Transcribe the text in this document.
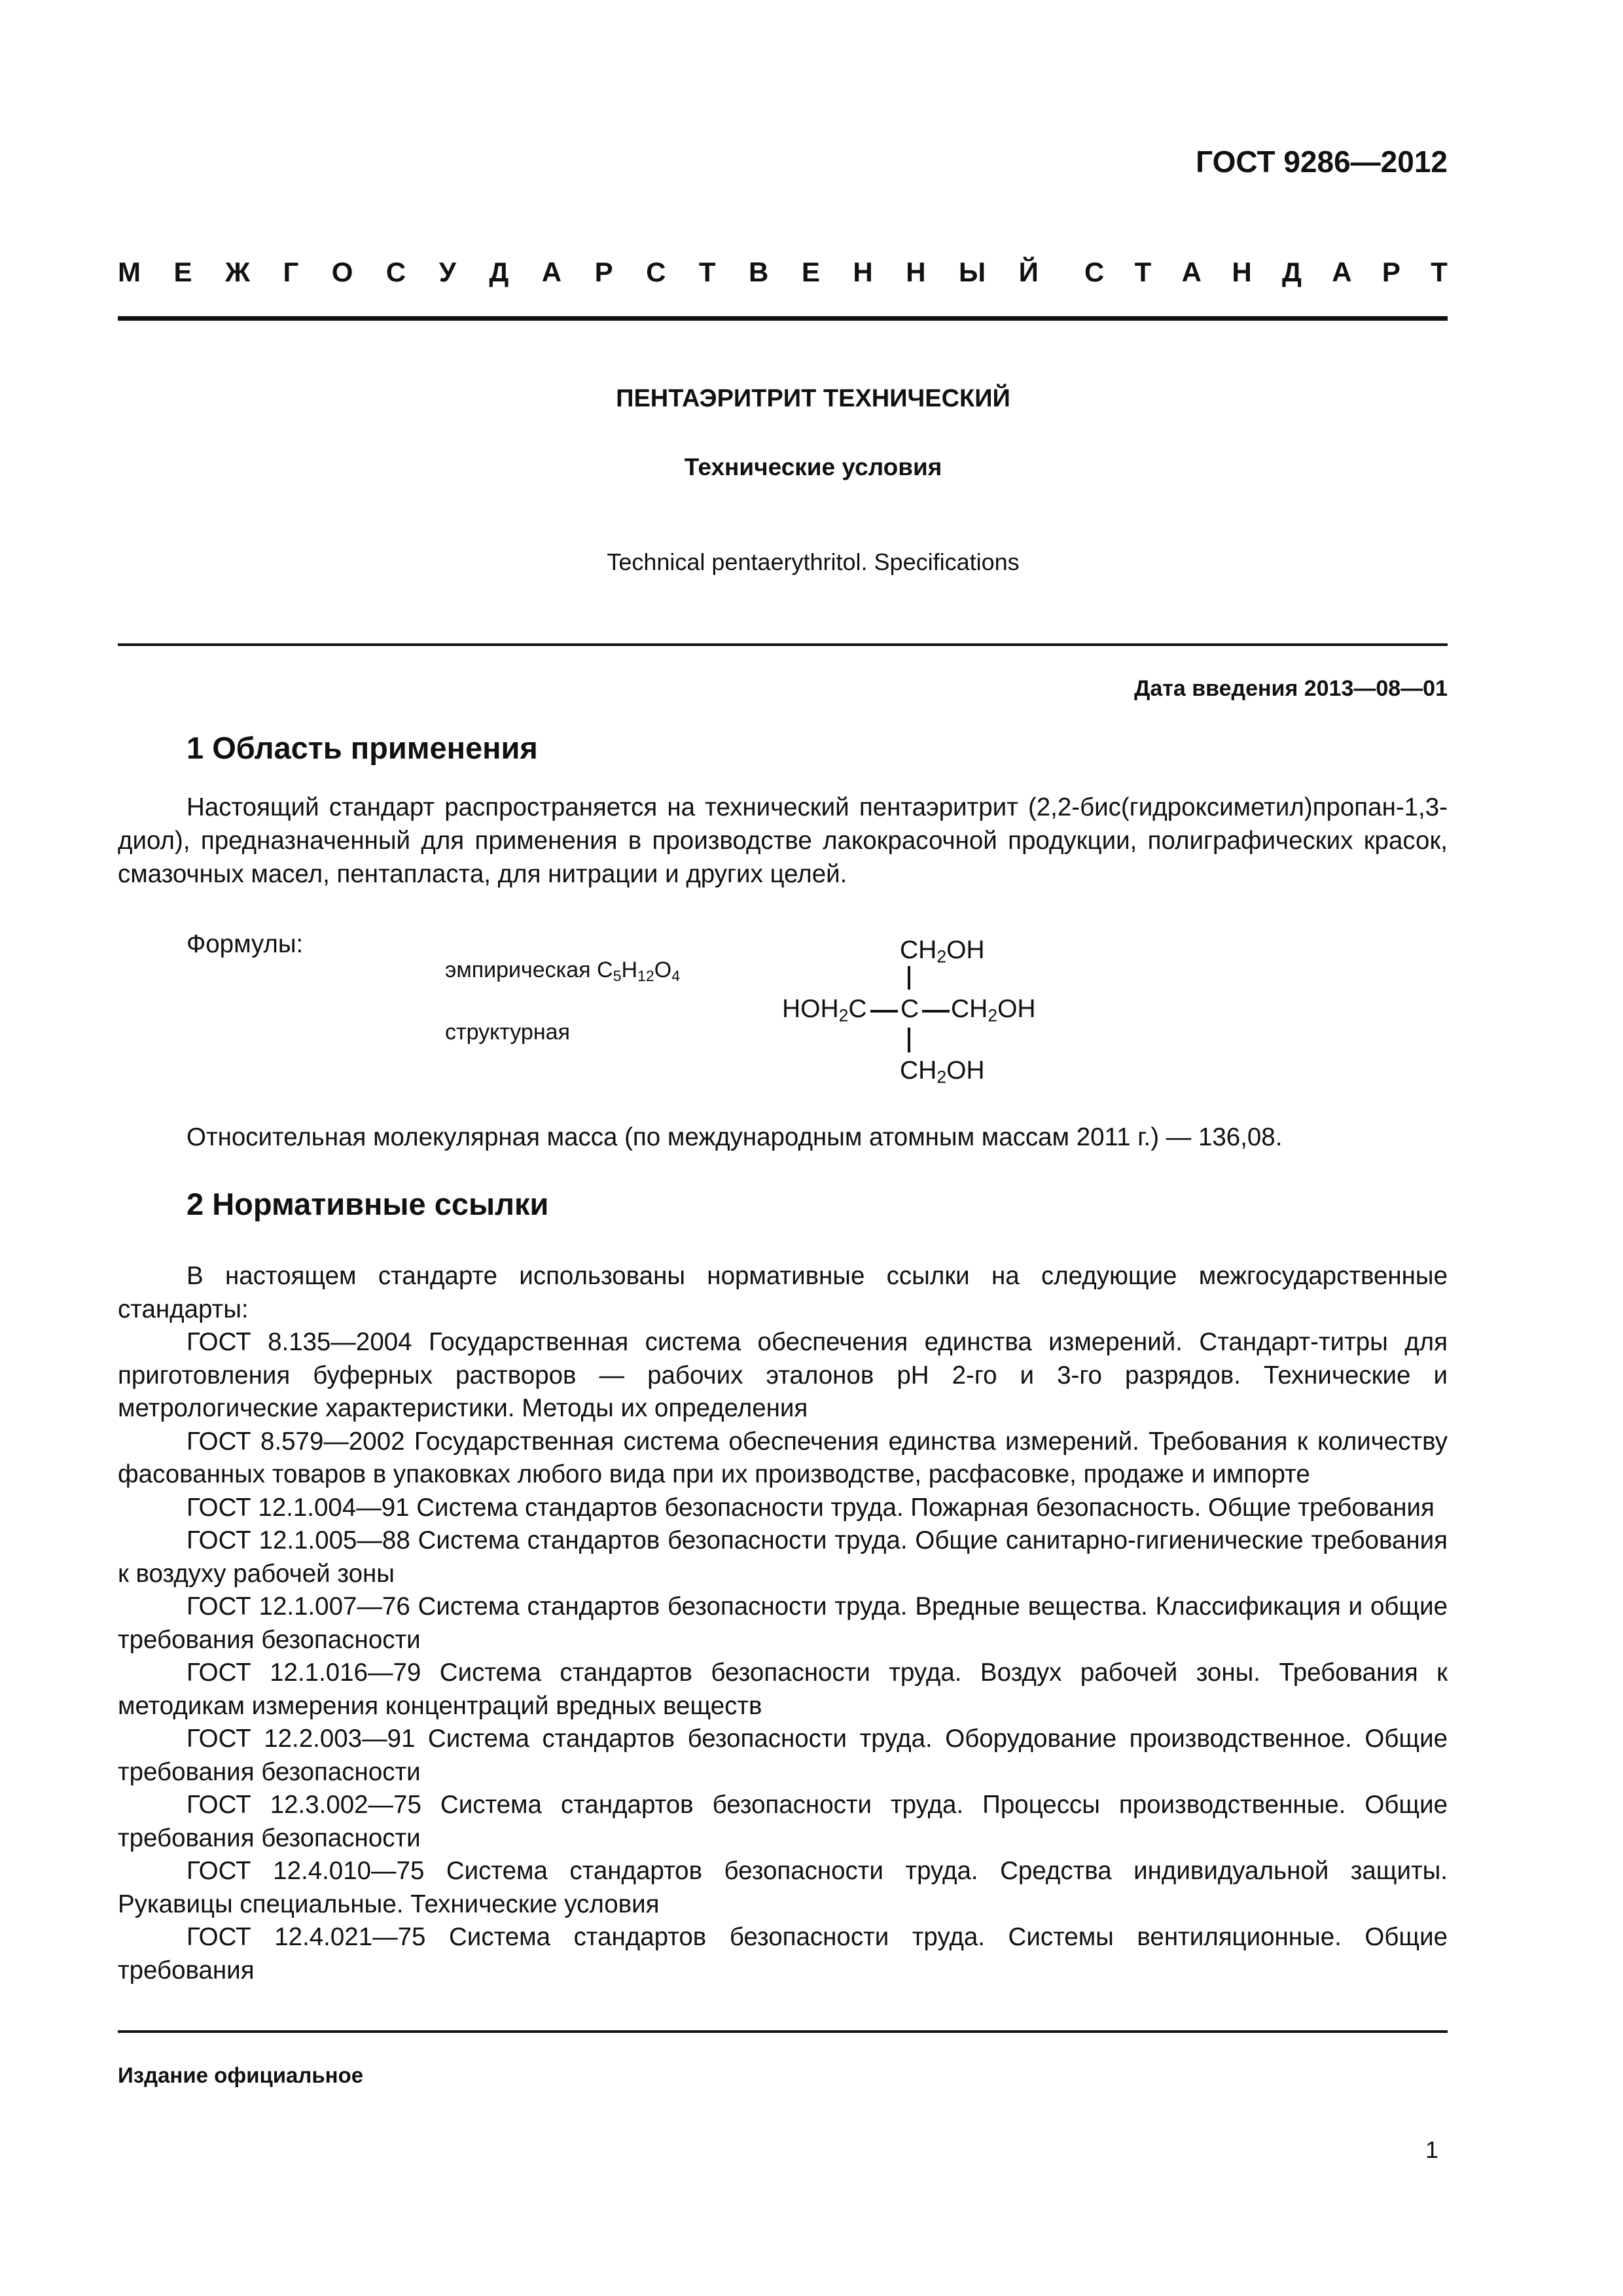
ГОСТ 9286—2012
М Е Ж Г О С У Д А Р С Т В Е Н Н Ы Й С Т А Н Д А Р Т
ПЕНТАЭРИТРИТ ТЕХНИЧЕСКИЙ
Технические условия
Technical pentaerythritol. Specifications
Дата введения 2013—08—01
1 Область применения
Настоящий стандарт распространяется на технический пентаэритрит (2,2-бис(гидроксиметил)пропан-1,3-диол), предназначенный для применения в производстве лакокрасочной продукции, полиграфических красок, смазочных масел, пентапласта, для нитрации и других целей.
Формулы:
эмпирическая $C_5H_{12}O_4$
структурная
$CH_2OH$
$HOH_2C$ C $CH_2OH$
$CH_2OH$
Относительная молекулярная масса (по международным атомным массам 2011 г.) — 136,08.
2 Нормативные ссылки
В настоящем стандарте использованы нормативные ссылки на следующие межгосударственные стандарты:
ГОСТ 8.135—2004 Государственная система обеспечения единства измерений. Стандарт-титры для приготовления буферных растворов — рабочих эталонов рН 2-го и 3-го разрядов. Технические и метрологические характеристики. Методы их определения
ГОСТ 8.579—2002 Государственная система обеспечения единства измерений. Требования к количеству фасованных товаров в упаковках любого вида при их производстве, расфасовке, продаже и импорте
ГОСТ 12.1.004—91 Система стандартов безопасности труда. Пожарная безопасность. Общие требования
ГОСТ 12.1.005—88 Система стандартов безопасности труда. Общие санитарно-гигиенические требования к воздуху рабочей зоны
ГОСТ 12.1.007—76 Система стандартов безопасности труда. Вредные вещества. Классификация и общие требования безопасности
ГОСТ 12.1.016—79 Система стандартов безопасности труда. Воздух рабочей зоны. Требования к методикам измерения концентраций вредных веществ
ГОСТ 12.2.003—91 Система стандартов безопасности труда. Оборудование производственное. Общие требования безопасности
ГОСТ 12.3.002—75 Система стандартов безопасности труда. Процессы производственные. Общие требования безопасности
ГОСТ 12.4.010—75 Система стандартов безопасности труда. Средства индивидуальной защиты. Рукавицы специальные. Технические условия
ГОСТ 12.4.021—75 Система стандартов безопасности труда. Системы вентиляционные. Общие требования
Издание официальное
1
